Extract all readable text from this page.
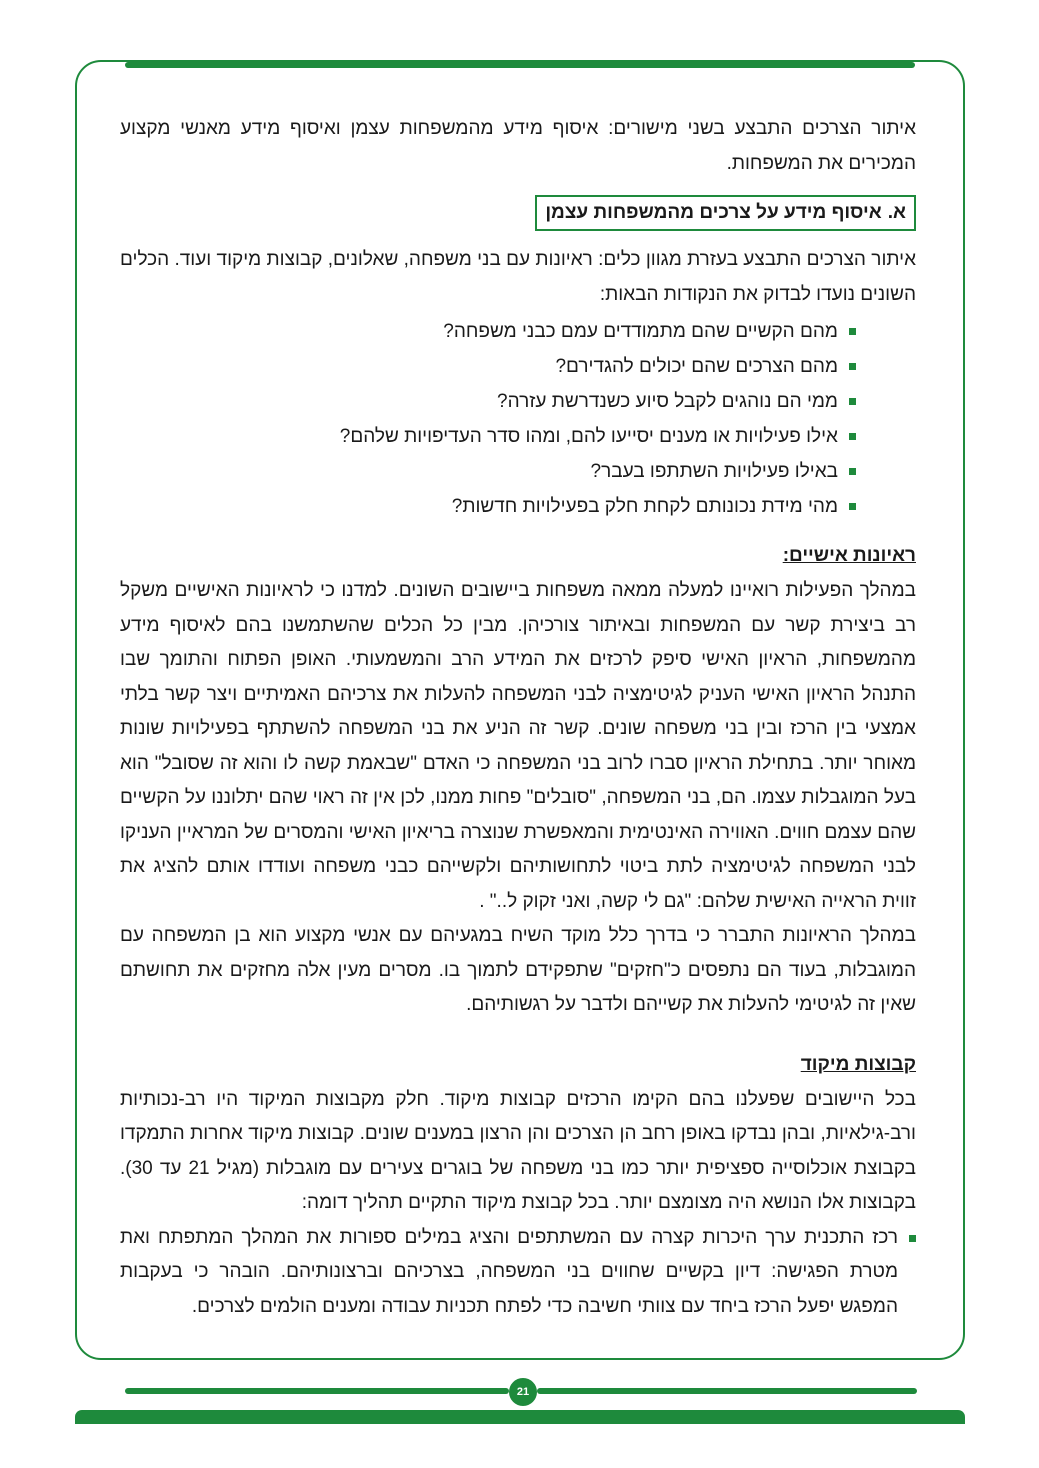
איתור הצרכים התבצע בשני מישורים: איסוף מידע מהמשפחות עצמן ואיסוף מידע מאנשי מקצוע המכירים את המשפחות.

א.איסוף מידע על צרכים מהמשפחות עצמן

איתור הצרכים התבצע בעזרת מגוון כלים: ראיונות עם בני משפחה, שאלונים, קבוצות מיקוד ועוד. הכלים השונים נועדו לבדוק את הנקודות הבאות:

מהם הקשיים שהם מתמודדים עמם כבני משפחה?
מהם הצרכים שהם יכולים להגדירם?
ממי הם נוהגים לקבל סיוע כשנדרשת עזרה?
אילו פעילויות או מענים יסייעו להם, ומהו סדר העדיפויות שלהם?
באילו פעילויות השתתפו בעבר?
מהי מידת נכונותם לקחת חלק בפעילויות חדשות?
ראיונות אישיים:

במהלך הפעילות רואיינו למעלה ממאה משפחות ביישובים השונים. למדנו כי לראיונות האישיים משקל רב ביצירת קשר עם המשפחות ובאיתור צורכיהן. מבין כל הכלים שהשתמשנו בהם לאיסוף מידע מהמשפחות, הראיון האישי סיפק לרכזים את המידע הרב והמשמעותי. האופן הפתוח והתומך שבו התנהל הראיון האישי העניק לגיטימציה לבני המשפחה להעלות את צרכיהם האמיתיים ויצר קשר בלתי אמצעי בין הרכז ובין בני משפחה שונים. קשר זה הניע את בני המשפחה להשתתף בפעילויות שונות מאוחר יותר. בתחילת הראיון סברו לרוב בני המשפחה כי האדם "שבאמת קשה לו והוא זה שסובל" הוא בעל המוגבלות עצמו. הם, בני המשפחה, "סובלים" פחות ממנו, לכן אין זה ראוי שהם יתלוננו על הקשיים שהם עצמם חווים. האווירה האינטימית והמאפשרת שנוצרה בריאיון האישי והמסרים של המראיין העניקו לבני המשפחה לגיטימציה לתת ביטוי לתחושותיהם ולקשייהם כבני משפחה ועודדו אותם להציג את זווית הראייה האישית שלהם: "גם לי קשה, ואני זקוק ל.." .

במהלך הראיונות התברר כי בדרך כלל מוקד השיח במגעיהם עם אנשי מקצוע הוא בן המשפחה עם המוגבלות, בעוד הם נתפסים כ"חזקים" שתפקידם לתמוך בו. מסרים מעין אלה מחזקים את תחושתם שאין זה לגיטימי להעלות את קשייהם ולדבר על רגשותיהם.

קבוצות מיקוד

בכל היישובים שפעלנו בהם הקימו הרכזים קבוצות מיקוד. חלק מקבוצות המיקוד היו רב-נכותיות ורב-גילאיות, ובהן נבדקו באופן רחב הן הצרכים והן הרצון במענים שונים. קבוצות מיקוד אחרות התמקדו בקבוצת אוכלוסייה ספציפית יותר כמו בני משפחה של בוגרים צעירים עם מוגבלות (מגיל 21 עד 30). בקבוצות אלו הנושא היה מצומצם יותר. בכל קבוצת מיקוד התקיים תהליך דומה:

רכז התכנית ערך היכרות קצרה עם המשתתפים והציג במילים ספורות את המהלך המתפתח ואת מטרת הפגישה: דיון בקשיים שחווים בני המשפחה, בצרכיהם וברצונותיהם. הובהר כי בעקבות המפגש יפעל הרכז ביחד עם צוותי חשיבה כדי לפתח תכניות עבודה ומענים הולמים לצרכים.
21
